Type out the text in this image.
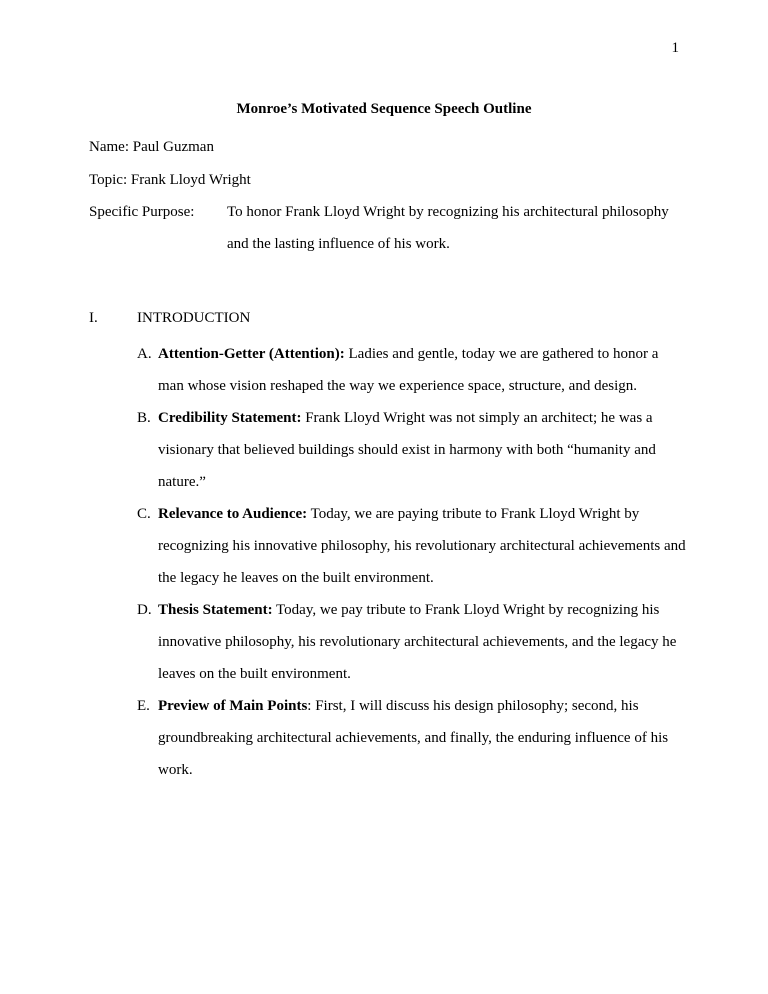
1
Monroe’s Motivated Sequence Speech Outline
Name: Paul Guzman
Topic: Frank Lloyd Wright
Specific Purpose: To honor Frank Lloyd Wright by recognizing his architectural philosophy and the lasting influence of his work.
I.	INTRODUCTION
A. Attention-Getter (Attention): Ladies and gentle, today we are gathered to honor a man whose vision reshaped the way we experience space, structure, and design.
B. Credibility Statement: Frank Lloyd Wright was not simply an architect; he was a visionary that believed buildings should exist in harmony with both “humanity and nature.”
C. Relevance to Audience: Today, we are paying tribute to Frank Lloyd Wright by recognizing his innovative philosophy, his revolutionary architectural achievements and the legacy he leaves on the built environment.
D. Thesis Statement: Today, we pay tribute to Frank Lloyd Wright by recognizing his innovative philosophy, his revolutionary architectural achievements, and the legacy he leaves on the built environment.
E. Preview of Main Points: First, I will discuss his design philosophy; second, his groundbreaking architectural achievements, and finally, the enduring influence of his work.
